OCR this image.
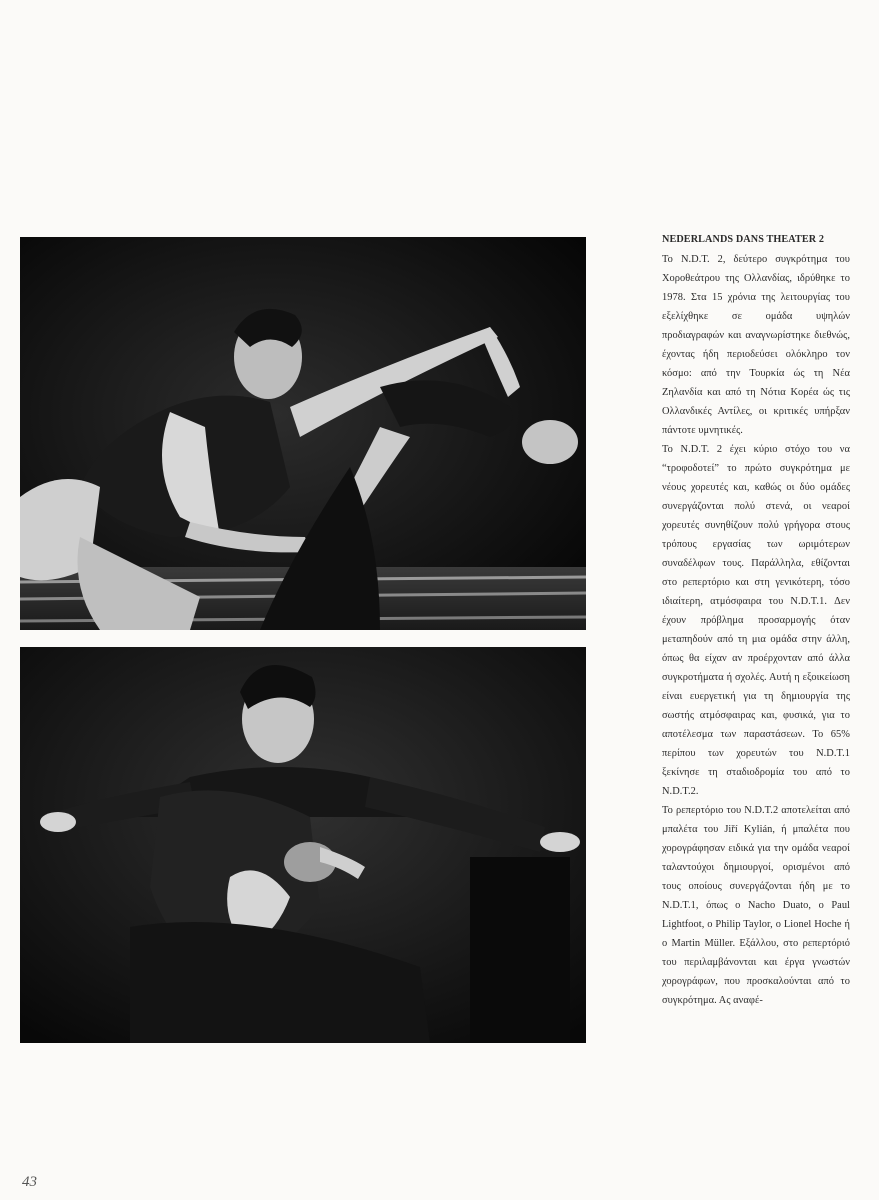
NEDERLANDS DANS THEATER 2

Το N.D.T. 2, δεύτερο συγκρότημα του Χοροθεάτρου της Ολλανδίας, ιδρύθηκε το 1978. Στα 15 χρόνια της λειτουργίας του εξελίχθηκε σε ομάδα υψηλών προδιαγραφών και αναγνωρίστηκε διεθνώς, έχοντας ήδη περιοδεύσει ολόκληρο τον κόσμο: από την Τουρκία ώς τη Νέα Ζηλανδία και από τη Νότια Κορέα ώς τις Ολλανδικές Αντίλες, οι κριτικές υπήρξαν πάντοτε υμνητικές.

Το N.D.T. 2 έχει κύριο στόχο του να “τροφοδοτεί” το πρώτο συγκρότημα με νέους χορευτές και, καθώς οι δύο ομάδες συνεργάζονται πολύ στενά, οι νεαροί χορευτές συνηθίζουν πολύ γρήγορα στους τρόπους εργασίας των ωριμότερων συναδέλφων τους. Παράλληλα, εθίζονται στο ρεπερτόριο και στη γενικότερη, τόσο ιδιαίτερη, ατμόσφαιρα του N.D.T.1. Δεν έχουν πρόβλημα προσαρμογής όταν μεταπηδούν από τη μια ομάδα στην άλλη, όπως θα είχαν αν προέρχονταν από άλλα συγκροτήματα ή σχολές. Αυτή η εξοικείωση είναι ευεργετική για τη δημιουργία της σωστής ατμόσφαιρας και, φυσικά, για το αποτέλεσμα των παραστάσεων. Το 65% περίπου των χορευτών του N.D.T.1 ξεκίνησε τη σταδιοδρομία του από το N.D.T.2.

Το ρεπερτόριο του N.D.T.2 αποτελείται από μπαλέτα του Jiří Kylián, ή μπαλέτα που χορογράφησαν ειδικά για την ομάδα νεαροί ταλαντούχοι δημιουργοί, ορισμένοι από τους οποίους συνεργάζονται ήδη με το N.D.T.1, όπως ο Nacho Duato, ο Paul Lightfoot, ο Philip Taylor, ο Lionel Hoche ή ο Martin Müller. Εξάλλου, στο ρεπερτόριό του περιλαμβάνονται και έργα γνωστών χορογράφων, που προσκαλούνται από το συγκρότημα. Ας αναφέ-

43
